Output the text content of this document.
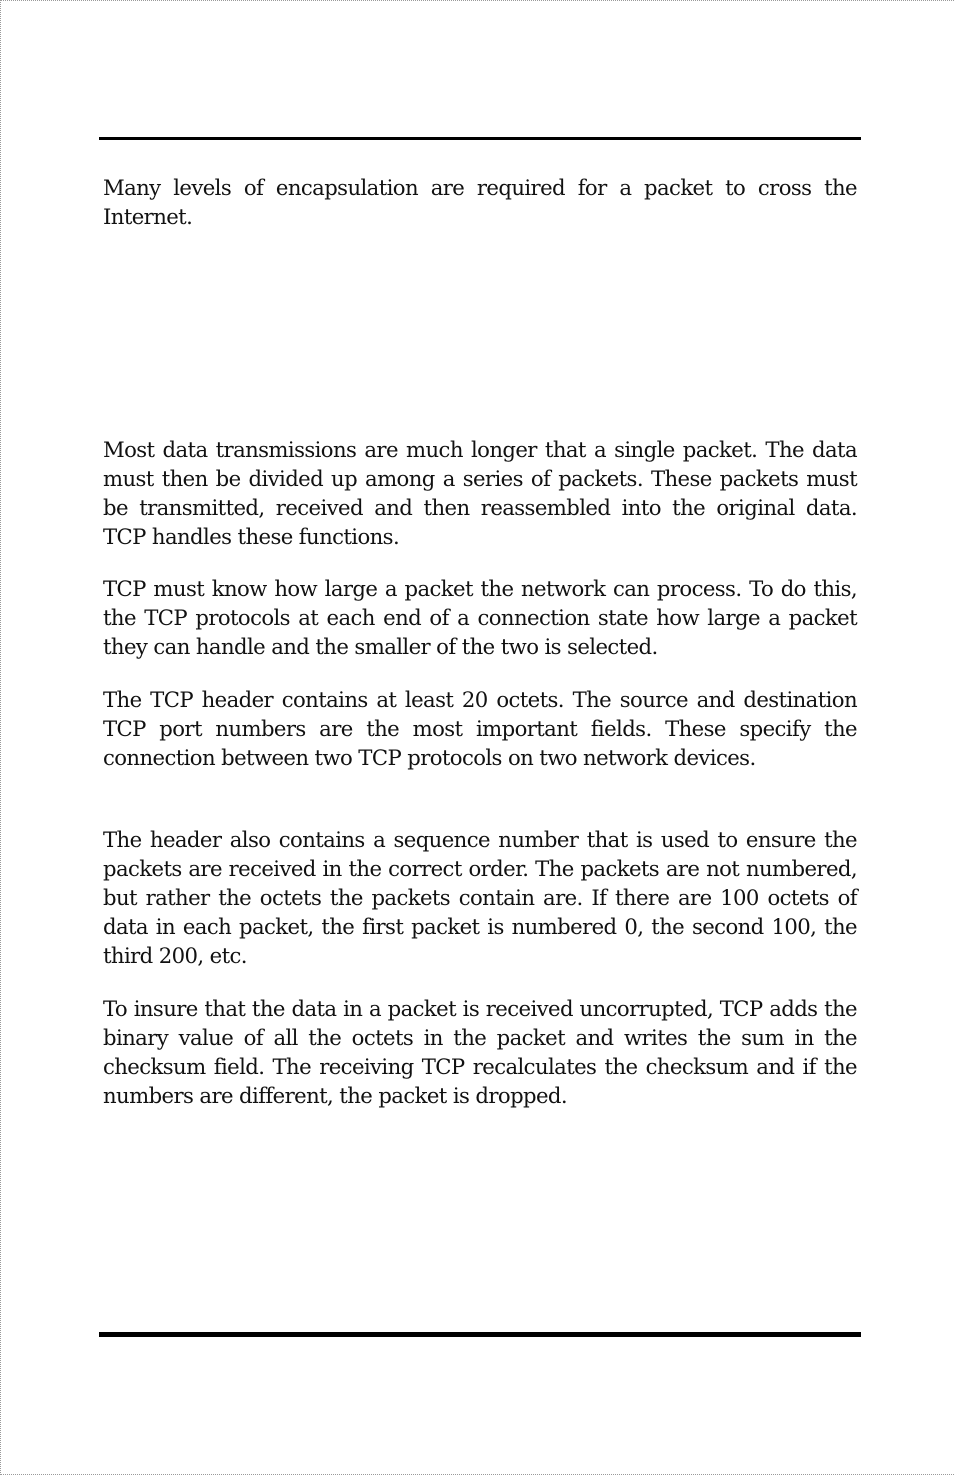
Many levels of encapsulation are required for a packet to cross the Internet.

Most data transmissions are much longer that a single packet. The data must then be divided up among a series of packets. These packets must be transmitted, received and then reassembled into the original data. TCP handles these functions.

TCP must know how large a packet the network can process. To do this, the TCP protocols at each end of a connection state how large a packet they can handle and the smaller of the two is selected.

The TCP header contains at least 20 octets. The source and destination TCP port numbers are the most important fields. These specify the connection between two TCP protocols on two network devices.

The header also contains a sequence number that is used to ensure the packets are received in the correct order. The packets are not numbered, but rather the octets the packets contain are. If there are 100 octets of data in each packet, the first packet is numbered 0, the second 100, the third 200, etc.

To insure that the data in a packet is received uncorrupted, TCP adds the binary value of all the octets in the packet and writes the sum in the checksum field. The receiving TCP recalculates the checksum and if the numbers are different, the packet is dropped.
